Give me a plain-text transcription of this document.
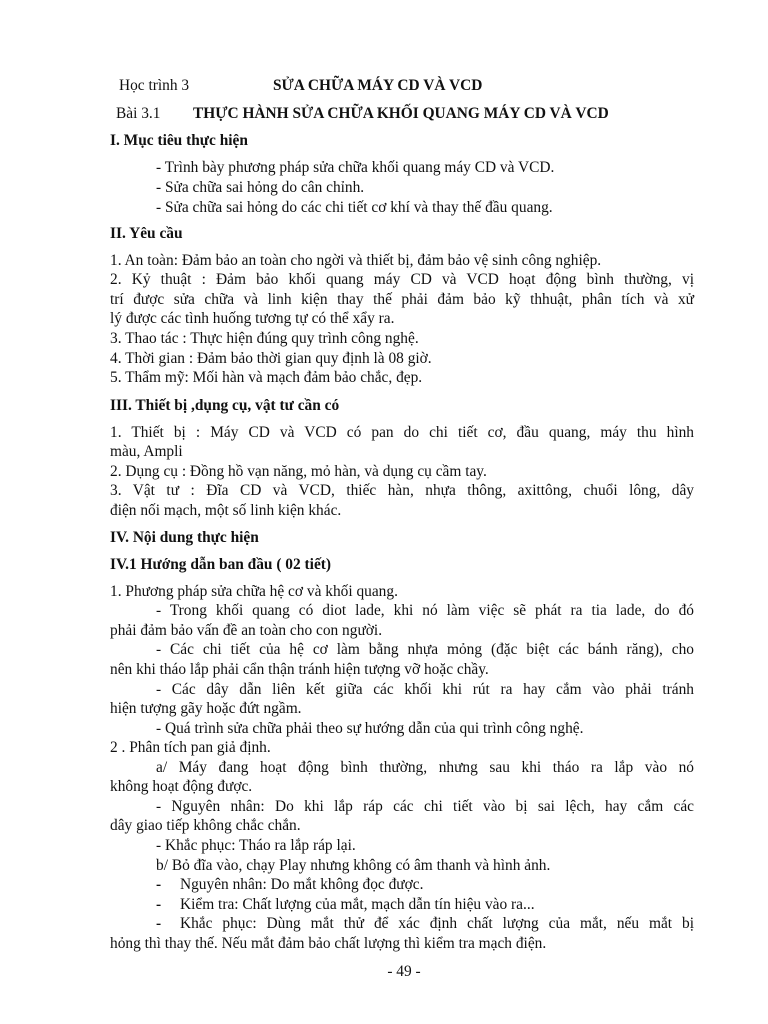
Học trình 3	SỬA CHỮA MÁY CD VÀ VCD
Bài 3.1 THỰC HÀNH SỬA CHỮA KHỐI QUANG MÁY CD VÀ VCD
I. Mục tiêu thực hiện
- Trình bày phương pháp sửa chữa khối quang máy CD và VCD.
- Sửa chữa sai hỏng do cân chỉnh.
- Sửa chữa sai hỏng do các chi tiết cơ khí và thay thế đầu quang.
II. Yêu cầu
1. An toàn: Đảm bảo an toàn cho ngời và thiết bị, đảm bảo vệ sinh công nghiệp.
2. Kỷ thuật : Đảm bảo khối quang máy CD và VCD hoạt động bình thường, vị
trí được sửa chữa và linh kiện thay thế phải đảm bảo kỹ thhuật, phân tích và xử
lý được các tình huống tương tự có thể xẩy ra.
3. Thao tác : Thực hiện đúng quy trình công nghệ.
4. Thời gian : Đảm bảo thời gian quy định là 08 giờ.
5. Thẩm mỹ: Mối hàn và mạch đảm bảo chắc, đẹp.
III. Thiết bị ,dụng cụ, vật tư cần có
1. Thiết bị : Máy CD và VCD có pan do chi tiết cơ, đầu quang, máy thu hình
màu, Ampli
2. Dụng cụ : Đồng hồ vạn năng, mỏ hàn, và dụng cụ cầm tay.
3. Vật tư : Đĩa CD và VCD, thiếc hàn, nhựa thông, axittông, chuổi lông, dây
điện nối mạch, một số linh kiện khác.
IV. Nội dung thực hiện
IV.1 Hướng dẫn ban đầu ( 02 tiết)
1. Phương pháp sửa chữa hệ cơ và khối quang.
- Trong khối quang có diot lade, khi nó làm việc sẽ phát ra tia lade, do đó
phải đảm bảo vấn đề an toàn cho con người.
- Các chi tiết của hệ cơ làm bằng nhựa mỏng (đặc biệt các bánh răng), cho
nên khi tháo lắp phải cẩn thận tránh hiện tượng vỡ hoặc chầy.
- Các dây dẫn liên kết giữa các khối khi rút ra hay cắm vào phải tránh
hiện tượng gãy hoặc đứt ngầm.
- Quá trình sửa chữa phải theo sự hướng dẫn của qui trình công nghệ.
2 . Phân tích pan giả định.
a/ Máy đang hoạt động bình thường, nhưng sau khi tháo ra lắp vào nó
không hoạt động được.
- Nguyên nhân: Do khi lắp ráp các chi tiết vào bị sai lệch, hay cắm các
dây giao tiếp không chắc chắn.
- Khắc phục: Tháo ra lắp ráp lại.
b/ Bỏ đĩa vào, chạy Play nhưng không có âm thanh và hình ảnh.
- Nguyên nhân: Do mắt không đọc được.
- Kiểm tra: Chất lượng của mắt, mạch dẫn tín hiệu vào ra...
- Khắc phục: Dùng mắt thử để xác định chất lượng của mắt, nếu mắt bị
hỏng thì thay thế. Nếu mắt đảm bảo chất lượng thì kiểm tra mạch điện.
- 49 -
